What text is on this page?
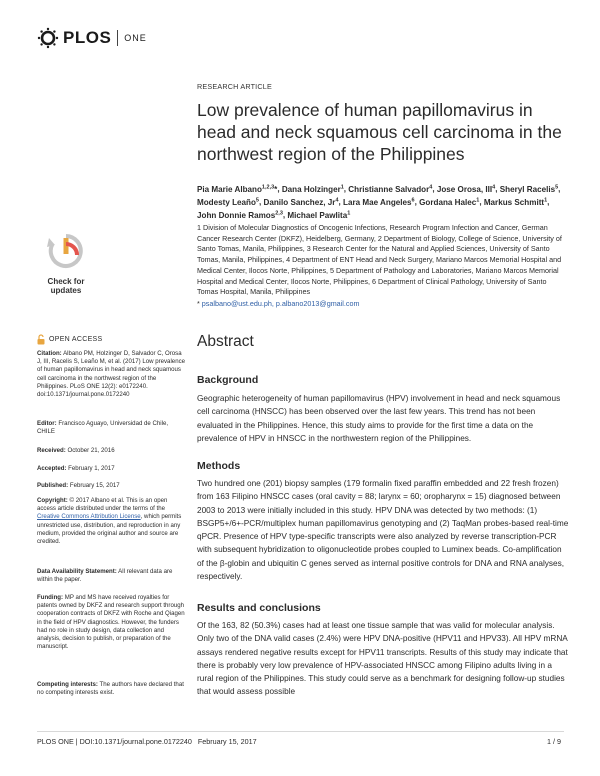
PLOS ONE
RESEARCH ARTICLE
Low prevalence of human papillomavirus in head and neck squamous cell carcinoma in the northwest region of the Philippines
Pia Marie Albano$^{1,2,3}$*, Dana Holzinger$^1$, Christianne Salvador$^4$, Jose Orosa, III$^4$, Sheryl Racelis$^5$, Modesty Leaño$^5$, Danilo Sanchez, Jr$^4$, Lara Mae Angeles$^6$, Gordana Halec$^1$, Markus Schmitt$^1$, John Donnie Ramos$^{2,3}$, Michael Pawlita$^1$
1 Division of Molecular Diagnostics of Oncogenic Infections, Research Program Infection and Cancer, German Cancer Research Center (DKFZ), Heidelberg, Germany, 2 Department of Biology, College of Science, University of Santo Tomas, Manila, Philippines, 3 Research Center for the Natural and Applied Sciences, University of Santo Tomas, Manila, Philippines, 4 Department of ENT Head and Neck Surgery, Mariano Marcos Memorial Hospital and Medical Center, Ilocos Norte, Philippines, 5 Department of Pathology and Laboratories, Mariano Marcos Memorial Hospital and Medical Center, Ilocos Norte, Philippines, 6 Department of Clinical Pathology, University of Santo Tomas Hospital, Manila, Philippines
* psalbano@ust.edu.ph, p.albano2013@gmail.com
Abstract
Background
Geographic heterogeneity of human papillomavirus (HPV) involvement in head and neck squamous cell carcinoma (HNSCC) has been observed over the last few years. This trend has not been evaluated in the Philippines. Hence, this study aims to provide for the first time a data on the prevalence of HPV in HNSCC in the northwestern region of the Philippines.
Methods
Two hundred one (201) biopsy samples (179 formalin fixed paraffin embedded and 22 fresh frozen) from 163 Filipino HNSCC cases (oral cavity = 88; larynx = 60; oropharynx = 15) diagnosed between 2003 to 2013 were initially included in this study. HPV DNA was detected by two methods: (1) BSGP5+/6+-PCR/multiplex human papillomavirus genotyping and (2) TaqMan probes-based real-time qPCR. Presence of HPV type-specific transcripts were also analyzed by reverse transcription-PCR with subsequent hybridization to oligonucleotide probes coupled to Luminex beads. Co-amplification of the β-globin and ubiquitin C genes served as internal positive controls for DNA and RNA analyses, respectively.
Results and conclusions
Of the 163, 82 (50.3%) cases had at least one tissue sample that was valid for molecular analysis. Only two of the DNA valid cases (2.4%) were HPV DNA-positive (HPV11 and HPV33). All HPV mRNA assays rendered negative results except for HPV11 transcripts. Results of this study may indicate that there is probably very low prevalence of HPV-associated HNSCC among Filipino adults living in a rural region of the Philippines. This study could serve as a benchmark for designing follow-up studies that would assess possible
Check for
updates
OPEN ACCESS
Citation: Albano PM, Holzinger D, Salvador C, Orosa J, III, Racelis S, Leaño M, et al. (2017) Low prevalence of human papillomavirus in head and neck squamous cell carcinoma in the northwest region of the Philippines. PLoS ONE 12(2): e0172240. doi:10.1371/journal.pone.0172240
Editor: Francisco Aguayo, Universidad de Chile, CHILE
Received: October 21, 2016
Accepted: February 1, 2017
Published: February 15, 2017
Copyright: © 2017 Albano et al. This is an open access article distributed under the terms of the Creative Commons Attribution License, which permits unrestricted use, distribution, and reproduction in any medium, provided the original author and source are credited.
Data Availability Statement: All relevant data are within the paper.
Funding: MP and MS have received royalties for patents owned by DKFZ and research support through cooperation contracts of DKFZ with Roche and Qiagen in the field of HPV diagnostics. However, the funders had no role in study design, data collection and analysis, decision to publish, or preparation of the manuscript.
Competing interests: The authors have declared that no competing interests exist.
PLOS ONE | DOI:10.1371/journal.pone.0172240   February 15, 2017	1 / 9
